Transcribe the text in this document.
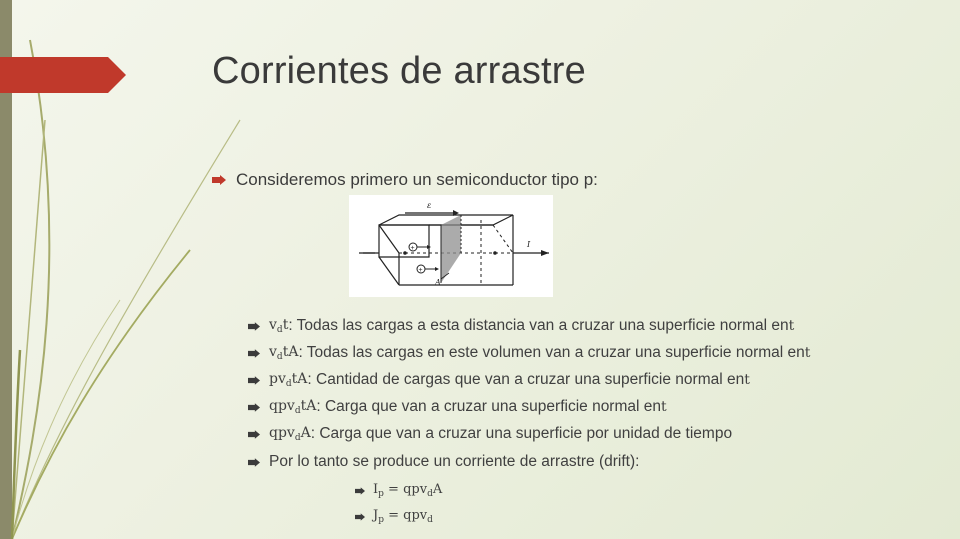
Corrientes de arrastre
Consideremos primero un semiconductor tipo p:
ε
I
+
+
A
$v_dt$ : Todas las cargas a esta distancia van a cruzar una superficie normal en t
$v_dtA$ : Todas las cargas en este volumen van a cruzar una superficie normal en t
$pv_dtA$ : Cantidad de cargas que van a cruzar una superficie normal en t
qpv$_d$tA : Carga que van a cruzar una superficie normal en t
qpv$_d$A : Carga que van a cruzar una superficie por unidad de tiempo
Por lo tanto se produce un corriente de arrastre (drift):
$I_p = qpv_dA$
$J_p = qpv_d$
